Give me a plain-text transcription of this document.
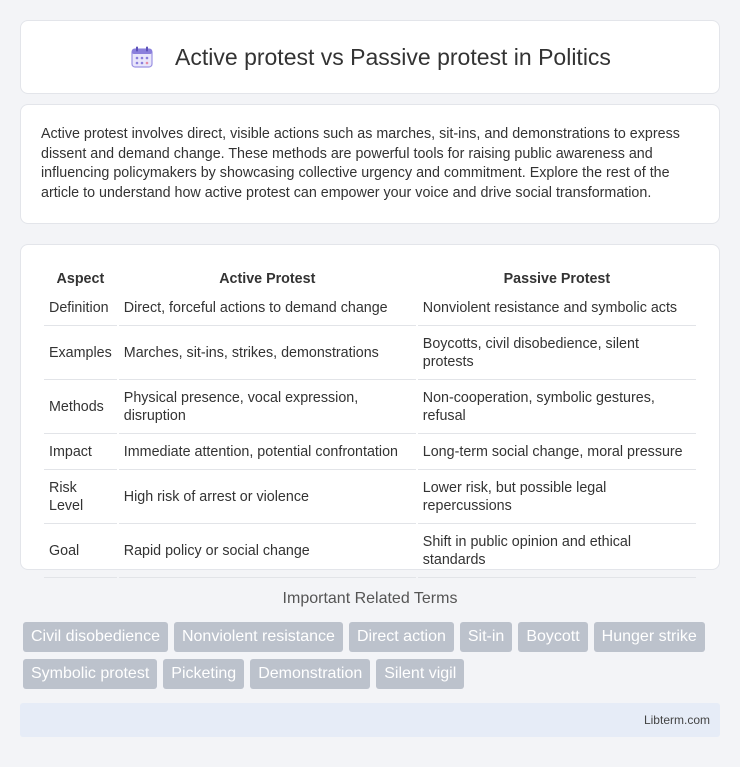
Active protest vs Passive protest in Politics

Active protest involves direct, visible actions such as marches, sit-ins, and demonstrations to express dissent and demand change. These methods are powerful tools for raising public awareness and influencing policymakers by showcasing collective urgency and commitment. Explore the rest of the article to understand how active protest can empower your voice and drive social transformation.

Aspect	Active Protest	Passive Protest
Definition	Direct, forceful actions to demand change	Nonviolent resistance and symbolic acts
Examples	Marches, sit-ins, strikes, demonstrations	Boycotts, civil disobedience, silent protests
Methods	Physical presence, vocal expression, disruption	Non-cooperation, symbolic gestures, refusal
Impact	Immediate attention, potential confrontation	Long-term social change, moral pressure
Risk Level	High risk of arrest or violence	Lower risk, but possible legal repercussions
Goal	Rapid policy or social change	Shift in public opinion and ethical standards
Important Related Terms
Civil disobedience	Nonviolent resistance	Direct action	Sit-in	Boycott	Hunger strike
Symbolic protest	Picketing	Demonstration	Silent vigil
Libterm.com
